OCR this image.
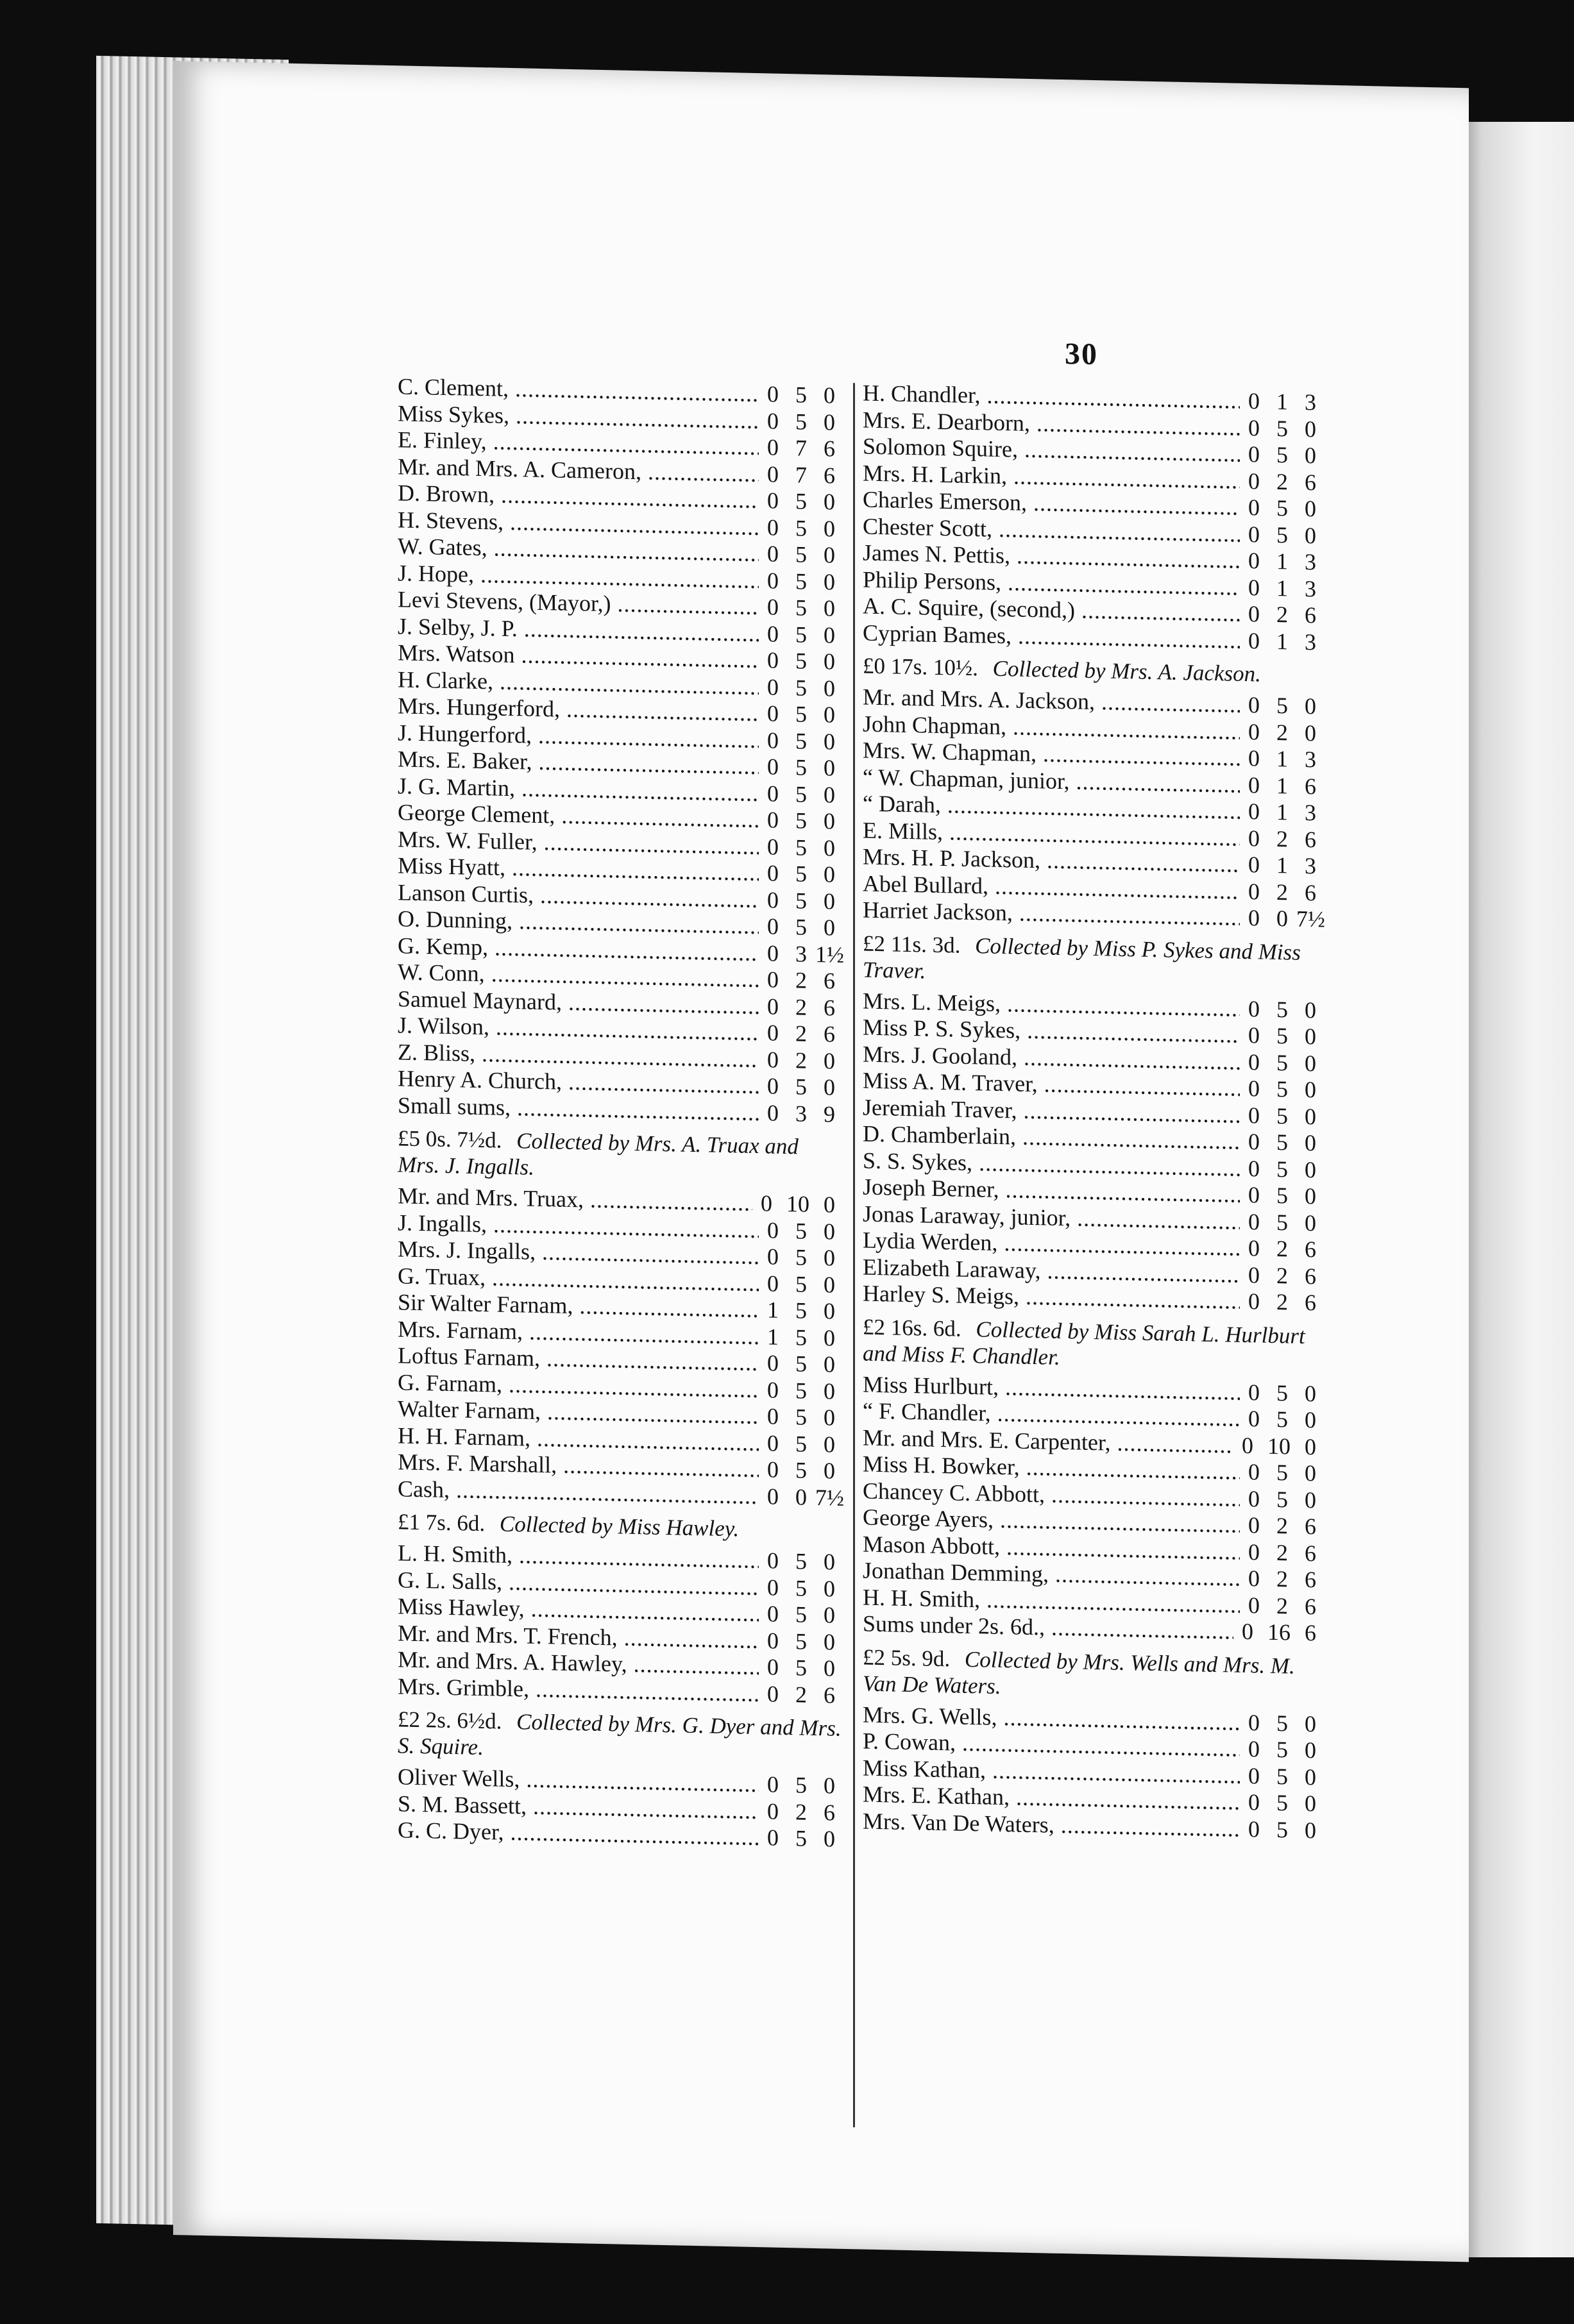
30
C. Clement, .....	0 5 0
Miss Sykes, .....	0 5 0
E. Finley, .....	0 7 6
Mr. and Mrs. A. Cameron, .....	0 7 6
D. Brown, .....	0 5 0
H. Stevens, .....	0 5 0
W. Gates, .....	0 5 0
J. Hope, .....	0 5 0
Levi Stevens, (Mayor,) .....	0 5 0
J. Selby, J. P. .....	0 5 0
Mrs. Watson .....	0 5 0
H. Clarke, .....	0 5 0
Mrs. Hungerford, .....	0 5 0
J. Hungerford, .....	0 5 0
Mrs. E. Baker, .....	0 5 0
J. G. Martin, .....	0 5 0
George Clement, .....	0 5 0
Mrs. W. Fuller, .....	0 5 0
Miss Hyatt, .....	0 5 0
Lanson Curtis, .....	0 5 0
O. Dunning, .....	0 5 0
G. Kemp, .....	0 3 1½
W. Conn, .....	0 2 6
Samuel Maynard, .....	0 2 6
J. Wilson, .....	0 2 6
Z. Bliss, .....	0 2 0
Henry A. Church, .....	0 5 0
Small sums, .....	0 3 9
£5 0s. 7½d. Collected by Mrs. A. Truax and Mrs. J. Ingalls.
Mr. and Mrs. Truax, .....	0 10 0
J. Ingalls, .....	0 5 0
Mrs. J. Ingalls, .....	0 5 0
G. Truax, .....	0 5 0
Sir Walter Farnam, .....	1 5 0
Mrs. Farnam, .....	1 5 0
Loftus Farnam, .....	0 5 0
G. Farnam, .....	0 5 0
Walter Farnam, .....	0 5 0
H. H. Farnam, .....	0 5 0
Mrs. F. Marshall, .....	0 5 0
Cash, .....	0 0 7½
£1 7s. 6d. Collected by Miss Hawley.
L. H. Smith, .....	0 5 0
G. L. Salls, .....	0 5 0
Miss Hawley, .....	0 5 0
Mr. and Mrs. T. French, .....	0 5 0
Mr. and Mrs. A. Hawley, .....	0 5 0
Mrs. Grimble, .....	0 2 6
£2 2s. 6½d. Collected by Mrs. G. Dyer and Mrs. S. Squire.
Oliver Wells, .....	0 5 0
S. M. Bassett, .....	0 2 6
G. C. Dyer, .....	0 5 0
H. Chandler, .....	0 1 3
Mrs. E. Dearborn, .....	0 5 0
Solomon Squire, .....	0 5 0
Mrs. H. Larkin, .....	0 2 6
Charles Emerson, .....	0 5 0
Chester Scott, .....	0 5 0
James N. Pettis, .....	0 1 3
Philip Persons, .....	0 1 3
A. C. Squire, (second,) .....	0 2 6
Cyprian Bames, .....	0 1 3
£0 17s. 10½. Collected by Mrs. A. Jackson.
Mr. and Mrs. A. Jackson, .....	0 5 0
John Chapman, .....	0 2 0
Mrs. W. Chapman, .....	0 1 3
“ W. Chapman, junior, .....	0 1 6
“ Darah, .....	0 1 3
E. Mills, .....	0 2 6
Mrs. H. P. Jackson, .....	0 1 3
Abel Bullard, .....	0 2 6
Harriet Jackson, .....	0 0 7½
£2 11s. 3d. Collected by Miss P. Sykes and Miss Traver.
Mrs. L. Meigs, .....	0 5 0
Miss P. S. Sykes, .....	0 5 0
Mrs. J. Gooland, .....	0 5 0
Miss A. M. Traver, .....	0 5 0
Jeremiah Traver, .....	0 5 0
D. Chamberlain, .....	0 5 0
S. S. Sykes, .....	0 5 0
Joseph Berner, .....	0 5 0
Jonas Laraway, junior, .....	0 5 0
Lydia Werden, .....	0 2 6
Elizabeth Laraway, .....	0 2 6
Harley S. Meigs, .....	0 2 6
£2 16s. 6d. Collected by Miss Sarah L. Hurlburt and Miss F. Chandler.
Miss Hurlburt, .....	0 5 0
“ F. Chandler, .....	0 5 0
Mr. and Mrs. E. Carpenter, .....	0 10 0
Miss H. Bowker, .....	0 5 0
Chancey C. Abbott, .....	0 5 0
George Ayers, .....	0 2 6
Mason Abbott, .....	0 2 6
Jonathan Demming, .....	0 2 6
H. H. Smith, .....	0 2 6
Sums under 2s. 6d., .....	0 16 6
£2 5s. 9d. Collected by Mrs. Wells and Mrs. M. Van De Waters.
Mrs. G. Wells, .....	0 5 0
P. Cowan, .....	0 5 0
Miss Kathan, .....	0 5 0
Mrs. E. Kathan, .....	0 5 0
Mrs. Van De Waters, .....	0 5 0
